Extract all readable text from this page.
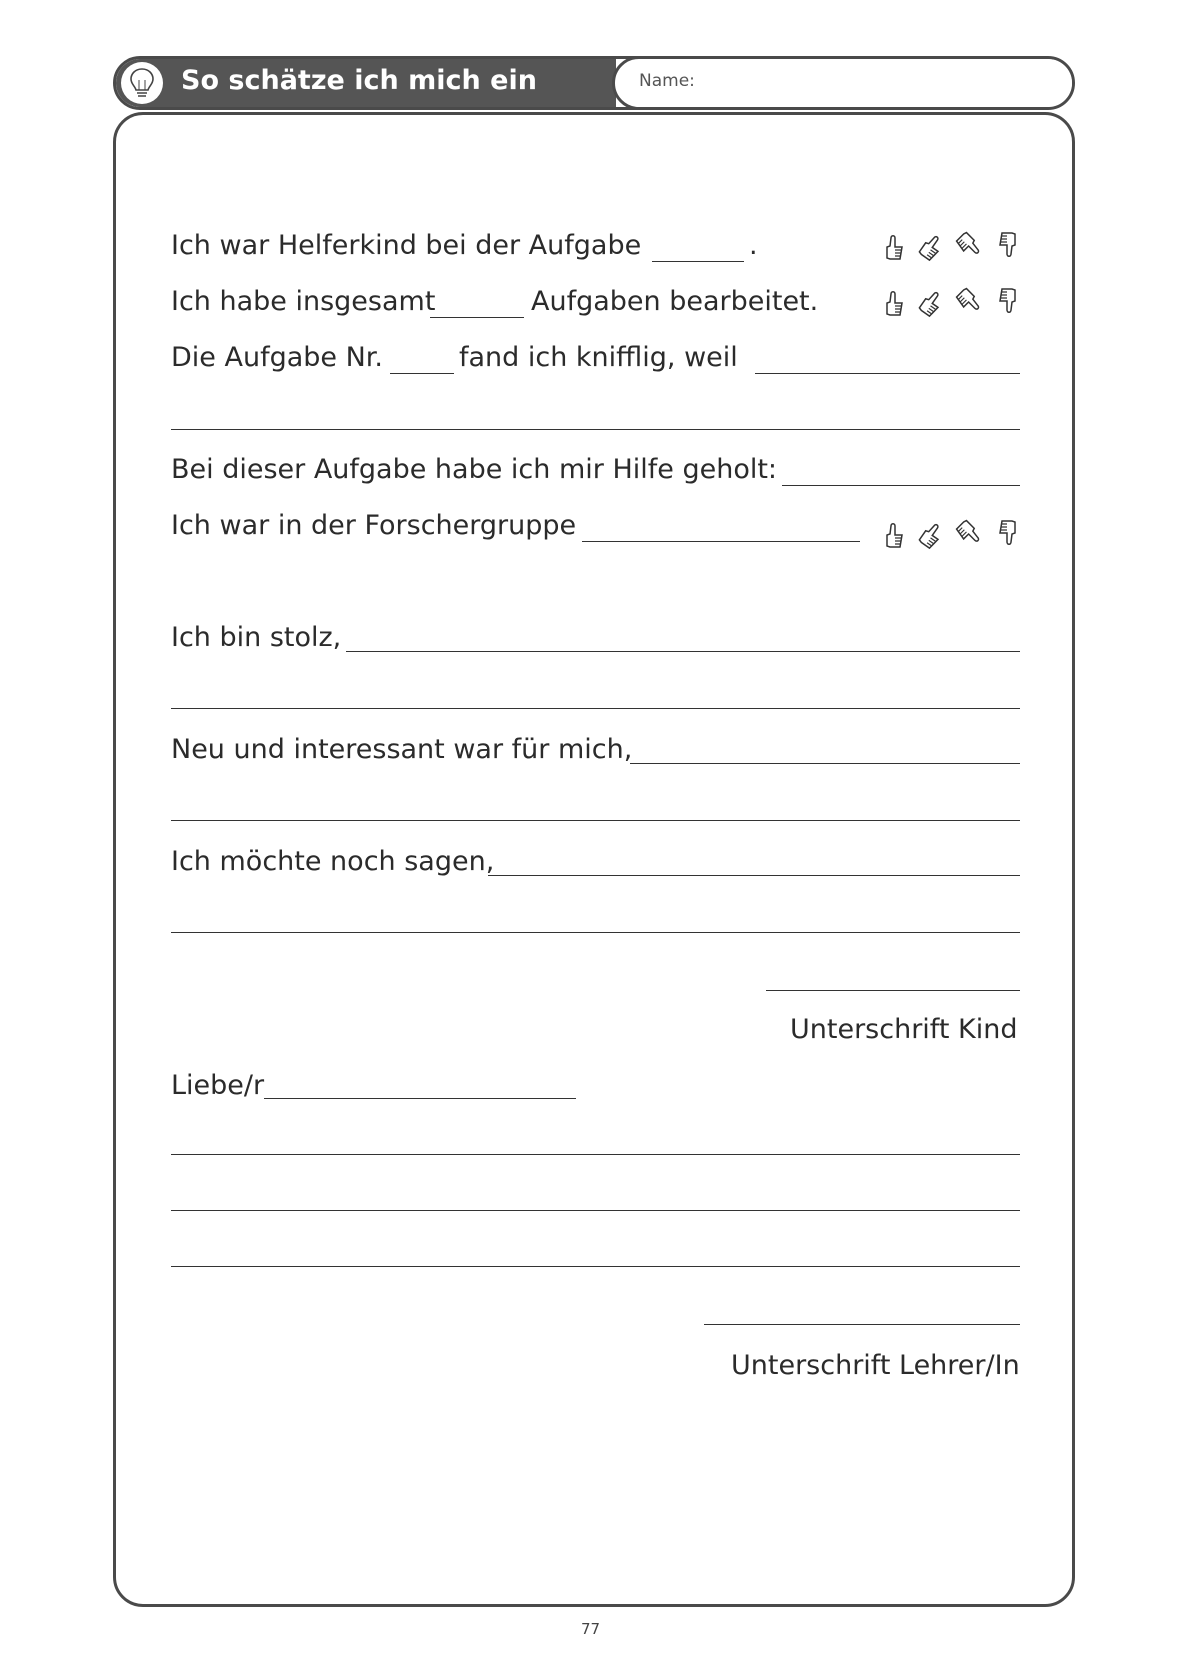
So schätze ich mich ein	Name:
Ich war Helferkind bei der Aufgabe	.
Ich habe insgesamt	Aufgaben bearbeitet.
Die Aufgabe Nr.	fand ich knifflig, weil
Bei dieser Aufgabe habe ich mir Hilfe geholt:
Ich war in der Forschergruppe
Ich bin stolz,
Neu und interessant war für mich,
Ich möchte noch sagen,
Unterschrift Kind
Liebe/r
Unterschrift Lehrer/In
77
